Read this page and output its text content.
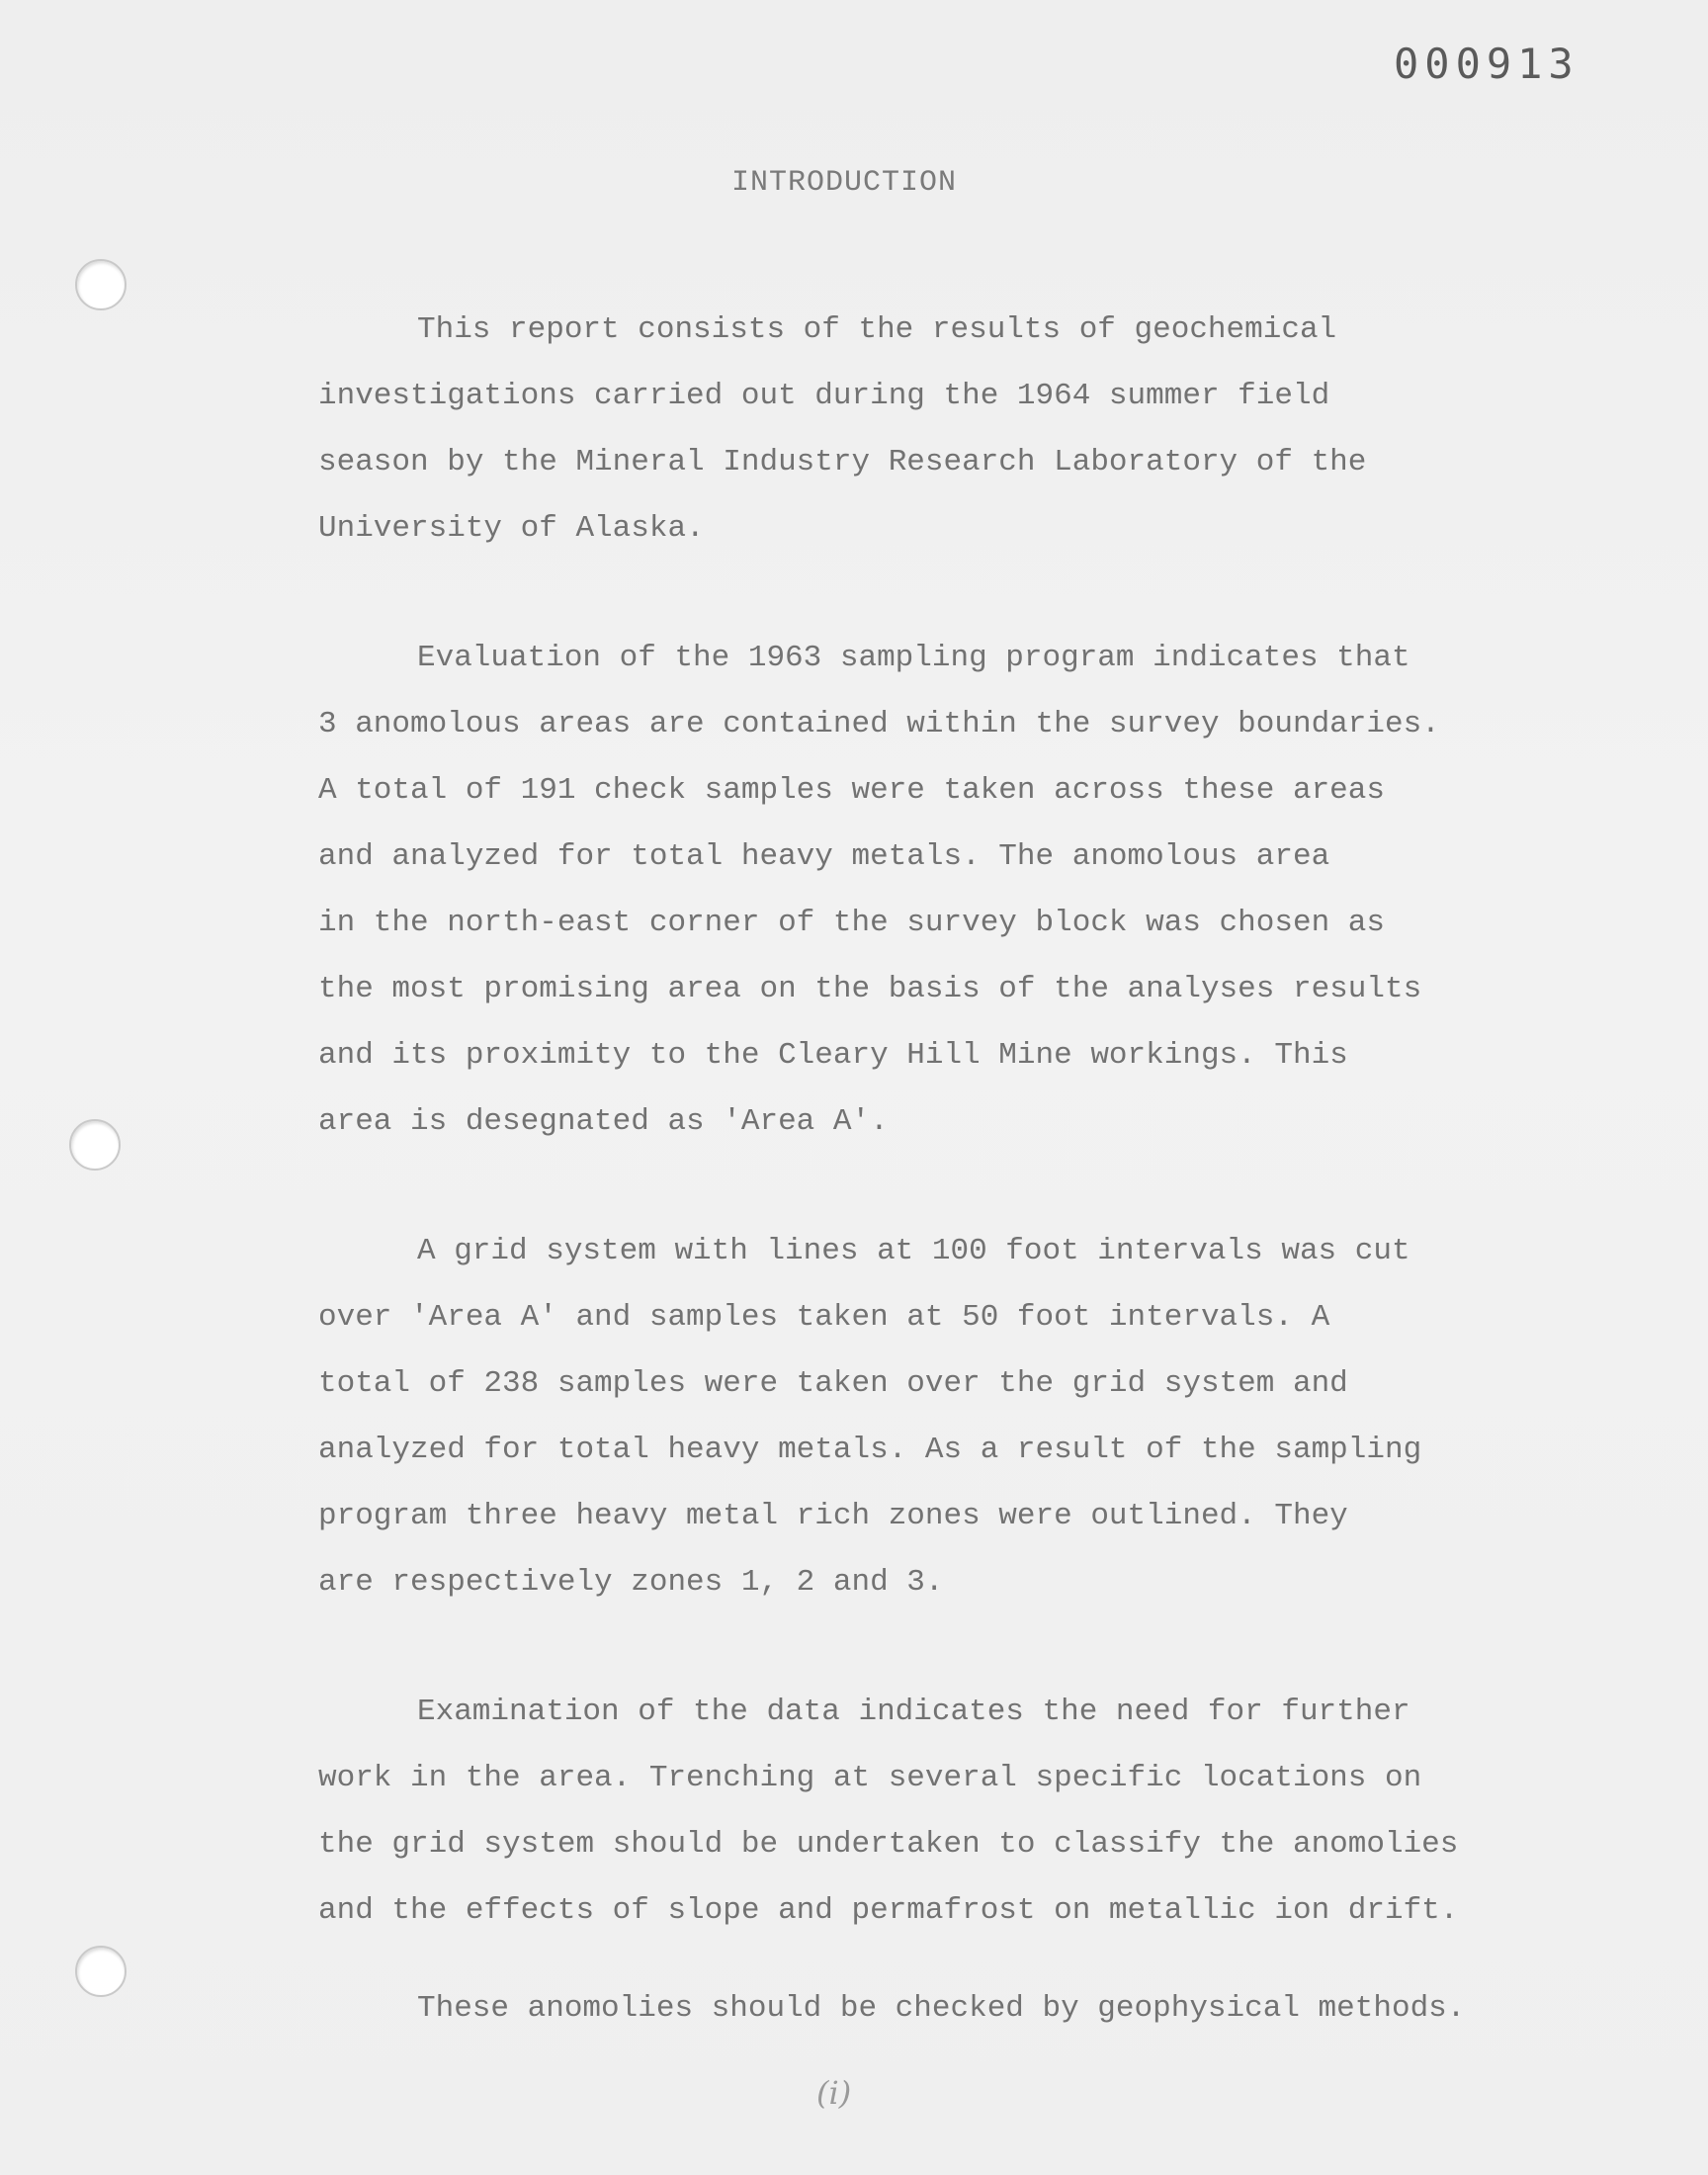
000913
INTRODUCTION
This report consists of the results of geochemical
investigations carried out during the 1964 summer field
season by the Mineral Industry Research Laboratory of the
University of Alaska.
Evaluation of the 1963 sampling program indicates that
3 anomolous areas are contained within the survey boundaries.
A total of 191 check samples were taken across these areas
and analyzed for total heavy metals. The anomolous area
in the north-east corner of the survey block was chosen as
the most promising area on the basis of the analyses results
and its proximity to the Cleary Hill Mine workings. This
area is desegnated as 'Area A'.
A grid system with lines at 100 foot intervals was cut
over 'Area A' and samples taken at 50 foot intervals. A
total of 238 samples were taken over the grid system and
analyzed for total heavy metals. As a result of the sampling
program three heavy metal rich zones were outlined. They
are respectively zones 1, 2 and 3.
Examination of the data indicates the need for further
work in the area. Trenching at several specific locations on
the grid system should be undertaken to classify the anomolies
and the effects of slope and permafrost on metallic ion drift.
These anomolies should be checked by geophysical methods.
(i)
